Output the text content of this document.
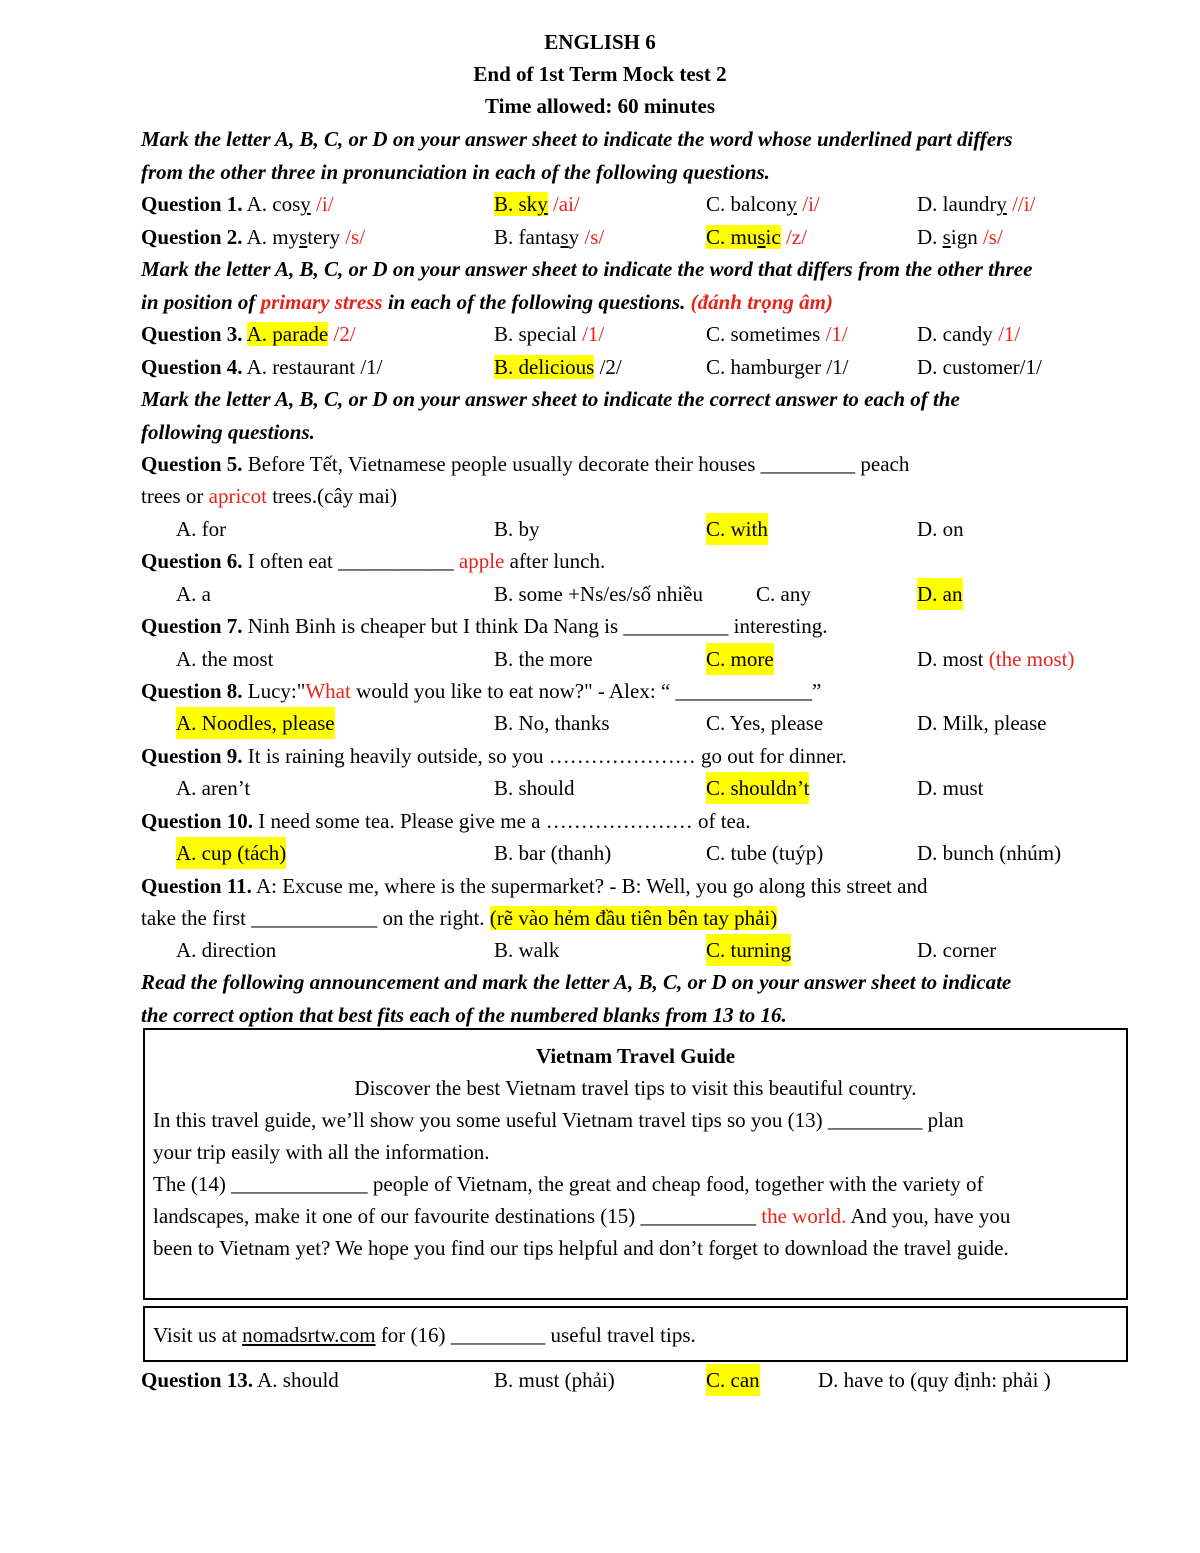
ENGLISH 6
End of 1st Term Mock test 2
Time allowed: 60 minutes
Mark the letter A, B, C, or D on your answer sheet to indicate the word whose underlined part differs
from the other three in pronunciation in each of the following questions.
Question 1. A. cosy /i/	B. sky /ai/	C. balcony /i/	D. laundry //i/
Question 2. A. mystery /s/	B. fantasy /s/	C. music /z/	D. sign /s/
Mark the letter A, B, C, or D on your answer sheet to indicate the word that differs from the other three
in position of primary stress in each of the following questions. (đánh trọng âm)
Question 3. A. parade /2/	B. special /1/	C. sometimes /1/	D. candy /1/
Question 4. A. restaurant /1/	B. delicious /2/	C. hamburger /1/	D. customer/1/
Mark the letter A, B, C, or D on your answer sheet to indicate the correct answer to each of the
following questions.
Question 5. Before Tết, Vietnamese people usually decorate their houses _________ peach
trees or apricot trees.(cây mai)
A. for	B. by	C. with	D. on
Question 6. I often eat ___________ apple after lunch.
A. a	B. some +Ns/es/số nhiều	C. any	D. an
Question 7. Ninh Binh is cheaper but I think Da Nang is __________ interesting.
A. the most	B. the more	C. more	D. most (the most)
Question 8. Lucy:"What would you like to eat now?" - Alex: “ _____________”
A. Noodles, please	B. No, thanks	C. Yes, please	D. Milk, please
Question 9. It is raining heavily outside, so you ………………… go out for dinner.
A. aren’t	B. should	C. shouldn’t	D. must
Question 10. I need some tea. Please give me a ………………… of tea.
A. cup (tách)	B. bar (thanh)	C. tube (tuýp)	D. bunch (nhúm)
Question 11. A: Excuse me, where is the supermarket? - B: Well, you go along this street and
take the first ____________ on the right. (rẽ vào hẻm đầu tiên bên tay phải)
A. direction	B. walk	C. turning	D. corner
Read the following announcement and mark the letter A, B, C, or D on your answer sheet to indicate
the correct option that best fits each of the numbered blanks from 13 to 16.
Vietnam Travel Guide
Discover the best Vietnam travel tips to visit this beautiful country.
In this travel guide, we’ll show you some useful Vietnam travel tips so you (13) _________ plan
your trip easily with all the information.
The (14) _____________ people of Vietnam, the great and cheap food, together with the variety of
landscapes, make it one of our favourite destinations (15) ___________ the world. And you, have you
been to Vietnam yet? We hope you find our tips helpful and don’t forget to download the travel guide.
Visit us at nomadsrtw.com for (16) _________ useful travel tips.
Question 13. A. should	B. must (phải)	C. can	D. have to (quy định: phải )
